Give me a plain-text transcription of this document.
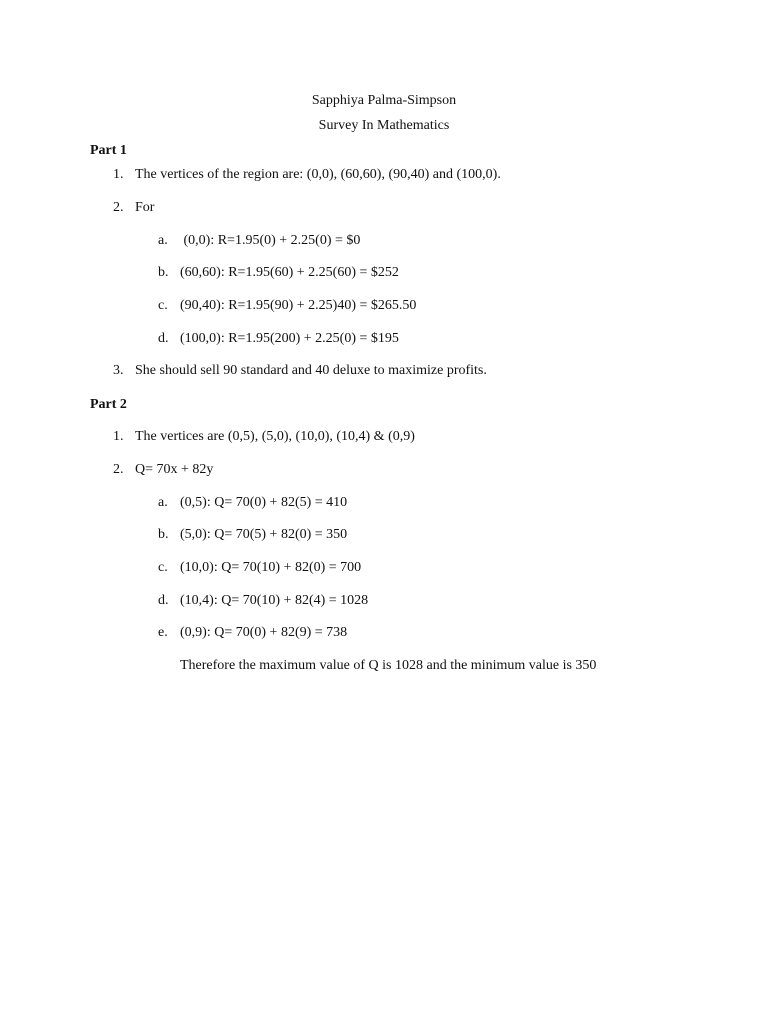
Sapphiya Palma-Simpson
Survey In Mathematics
Part 1
1. The vertices of the region are: (0,0), (60,60), (90,40) and (100,0).
2. For
a. (0,0): R=1.95(0) + 2.25(0) = $0
b. (60,60): R=1.95(60) + 2.25(60) = $252
c. (90,40): R=1.95(90) + 2.25)40) = $265.50
d. (100,0): R=1.95(200) + 2.25(0) = $195
3. She should sell 90 standard and 40 deluxe to maximize profits.
Part 2
1. The vertices are (0,5), (5,0), (10,0), (10,4) & (0,9)
2. Q= 70x + 82y
a. (0,5): Q= 70(0) + 82(5) = 410
b. (5,0): Q= 70(5) + 82(0) = 350
c. (10,0): Q= 70(10) + 82(0) = 700
d. (10,4): Q= 70(10) + 82(4) = 1028
e. (0,9): Q= 70(0) + 82(9) = 738
Therefore the maximum value of Q is 1028 and the minimum value is 350
